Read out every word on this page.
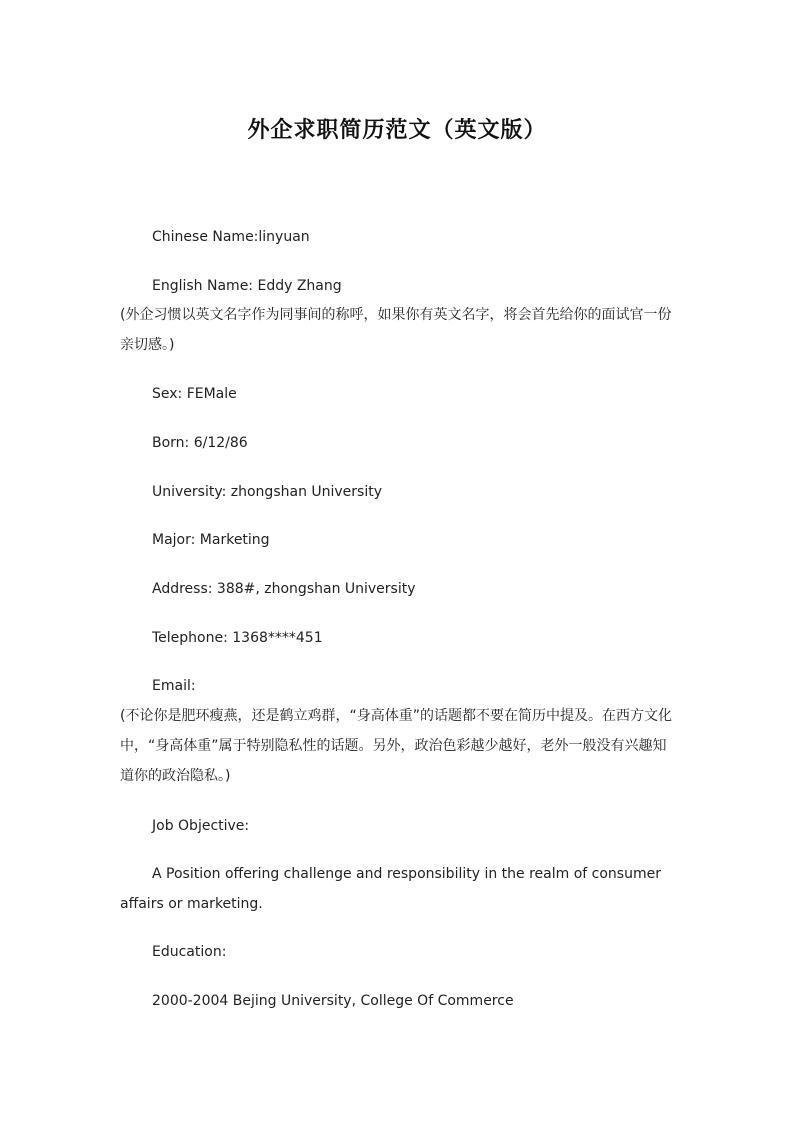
外企求职简历范文（英文版）
Chinese Name:linyuan
English Name: Eddy Zhang
(外企习惯以英文名字作为同事间的称呼，如果你有英文名字，将会首先给你的面试官一份亲切感。)
Sex: FEMale
Born: 6/12/86
University: zhongshan University
Major: Marketing
Address: 388#, zhongshan University
Telephone: 1368****451
Email:
(不论你是肥环瘦燕，还是鹤立鸡群，“身高体重”的话题都不要在简历中提及。在西方文化中，“身高体重”属于特别隐私性的话题。另外，政治色彩越少越好，老外一般没有兴趣知道你的政治隐私。)
Job Objective:
A Position offering challenge and responsibility in the realm of consumer
affairs or marketing.
Education:
2000-2004 Bejing University, College Of Commerce
